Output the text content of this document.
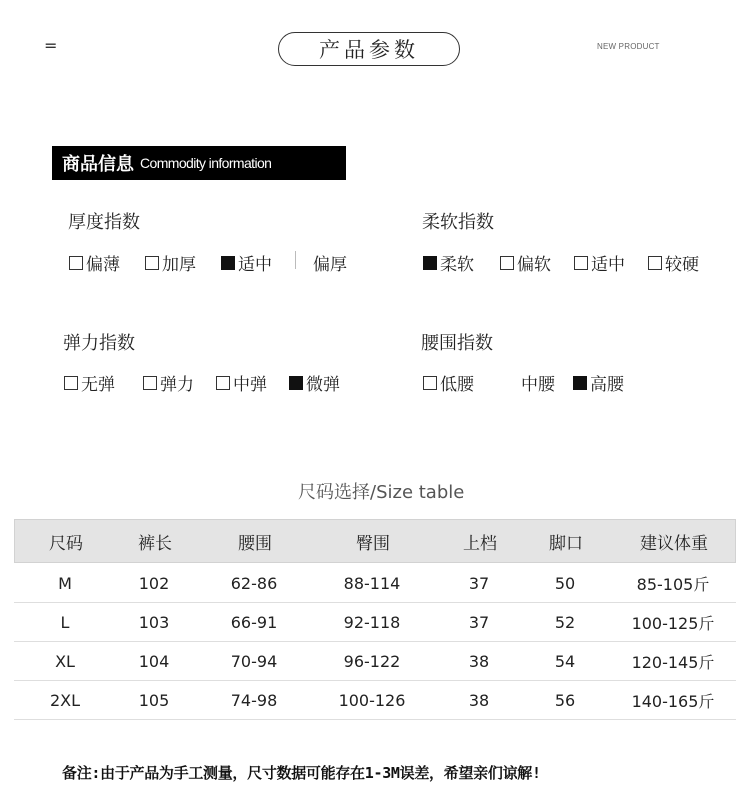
=	产品参数	NEW PRODUCT
商品信息 Commodity information
厚度指数
偏薄 加厚 适中 偏厚
柔软指数
柔软	偏软 适中 较硬
弹力指数
无弹	弹力 中弹 微弹
腰围指数
低腰	中腰 高腰
尺码选择/Size table
尺码	裤长	腰围	臀围	上档	脚口	建议体重
M	102	62-86	88-114	37	50	85-105斤
L	103	66-91	92-118	37	52	100-125斤
XL	104	70-94	96-122	38	54	120-145斤
2XL	105	74-98	100-126	38	56	140-165斤
备注:由于产品为手工测量，尺寸数据可能存在1-3M误差，希望亲们谅解!
